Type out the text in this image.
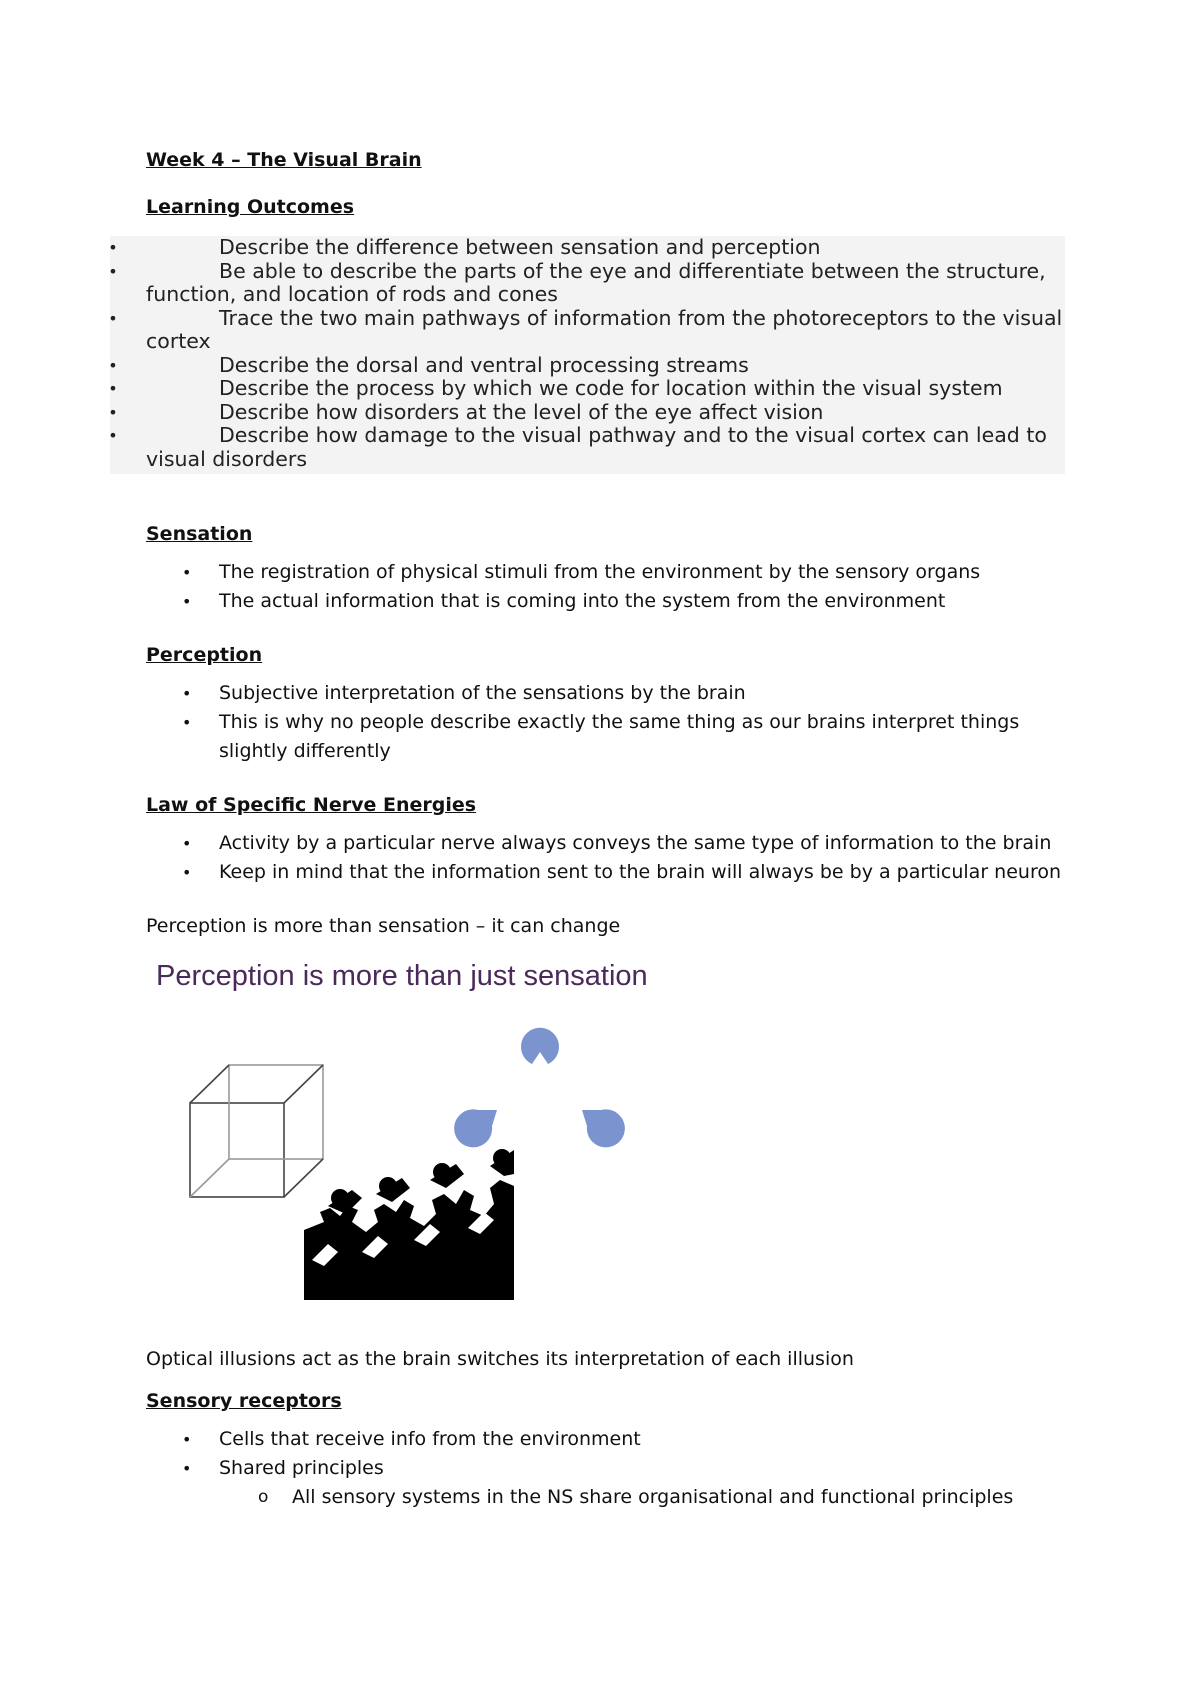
Week 4 – The Visual Brain
Learning Outcomes
•	Describe the difference between sensation and perception
•	Be able to describe the parts of the eye and differentiate between the structure, function, and location of rods and cones
•	Trace the two main pathways of information from the photoreceptors to the visual cortex
•	Describe the dorsal and ventral processing streams
•	Describe the process by which we code for location within the visual system
•	Describe how disorders at the level of the eye affect vision
•	Describe how damage to the visual pathway and to the visual cortex can lead to visual disorders
Sensation
• The registration of physical stimuli from the environment by the sensory organs
• The actual information that is coming into the system from the environment
Perception
• Subjective interpretation of the sensations by the brain
• This is why no people describe exactly the same thing as our brains interpret things slightly differently
Law of Specific Nerve Energies
• Activity by a particular nerve always conveys the same type of information to the brain
• Keep in mind that the information sent to the brain will always be by a particular neuron

Perception is more than sensation – it can change

Perception is more than just sensation

Optical illusions act as the brain switches its interpretation of each illusion

Sensory receptors
• Cells that receive info from the environment
• Shared principles
o All sensory systems in the NS share organisational and functional principles
